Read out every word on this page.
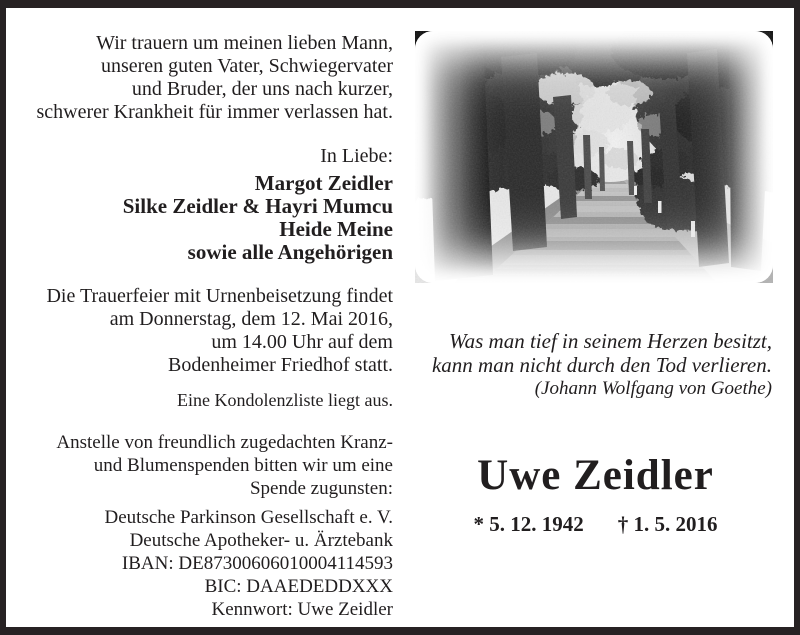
Wir trauern um meinen lieben Mann,
unseren guten Vater, Schwiegervater
und Bruder, der uns nach kurzer,
schwerer Krankheit für immer verlassen hat.
In Liebe:
Margot Zeidler
Silke Zeidler & Hayri Mumcu
Heide Meine
sowie alle Angehörigen
Die Trauerfeier mit Urnenbeisetzung findet
am Donnerstag, dem 12. Mai 2016,
um 14.00 Uhr auf dem
Bodenheimer Friedhof statt.
Eine Kondolenzliste liegt aus.
Anstelle von freundlich zugedachten Kranz-
und Blumenspenden bitten wir um eine
Spende zugunsten:
Deutsche Parkinson Gesellschaft e. V.
Deutsche Apotheker- u. Ärztebank
IBAN: DE87300606010004114593
BIC: DAAEDEDDXXX
Kennwort: Uwe Zeidler
Was man tief in seinem Herzen besitzt,
kann man nicht durch den Tod verlieren.
(Johann Wolfgang von Goethe)
Uwe Zeidler
* 5. 12. 1942 † 1. 5. 2016
